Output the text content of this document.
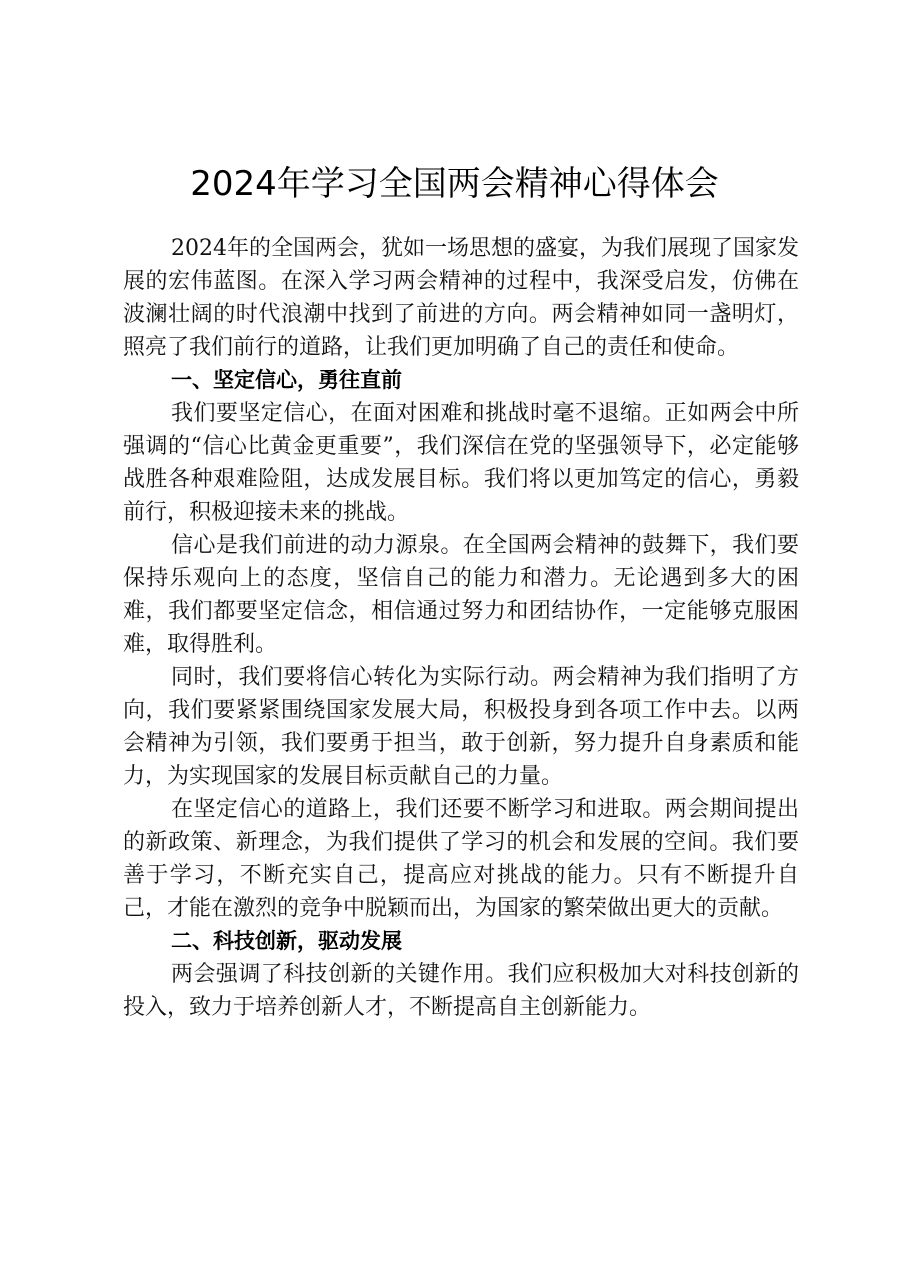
2024年学习全国两会精神心得体会

2024年的全国两会，犹如一场思想的盛宴，为我们展现了国家发展的宏伟蓝图。在深入学习两会精神的过程中，我深受启发，仿佛在波澜壮阔的时代浪潮中找到了前进的方向。两会精神如同一盏明灯，照亮了我们前行的道路，让我们更加明确了自己的责任和使命。

一、坚定信心，勇往直前

我们要坚定信心，在面对困难和挑战时毫不退缩。正如两会中所强调的“信心比黄金更重要”，我们深信在党的坚强领导下，必定能够战胜各种艰难险阻，达成发展目标。我们将以更加笃定的信心，勇毅前行，积极迎接未来的挑战。

信心是我们前进的动力源泉。在全国两会精神的鼓舞下，我们要保持乐观向上的态度，坚信自己的能力和潜力。无论遇到多大的困难，我们都要坚定信念，相信通过努力和团结协作，一定能够克服困难，取得胜利。

同时，我们要将信心转化为实际行动。两会精神为我们指明了方向，我们要紧紧围绕国家发展大局，积极投身到各项工作中去。以两会精神为引领，我们要勇于担当，敢于创新，努力提升自身素质和能力，为实现国家的发展目标贡献自己的力量。

在坚定信心的道路上，我们还要不断学习和进取。两会期间提出的新政策、新理念，为我们提供了学习的机会和发展的空间。我们要善于学习，不断充实自己，提高应对挑战的能力。只有不断提升自己，才能在激烈的竞争中脱颖而出，为国家的繁荣做出更大的贡献。

二、科技创新，驱动发展

两会强调了科技创新的关键作用。我们应积极加大对科技创新的投入，致力于培养创新人才，不断提高自主创新能力。
